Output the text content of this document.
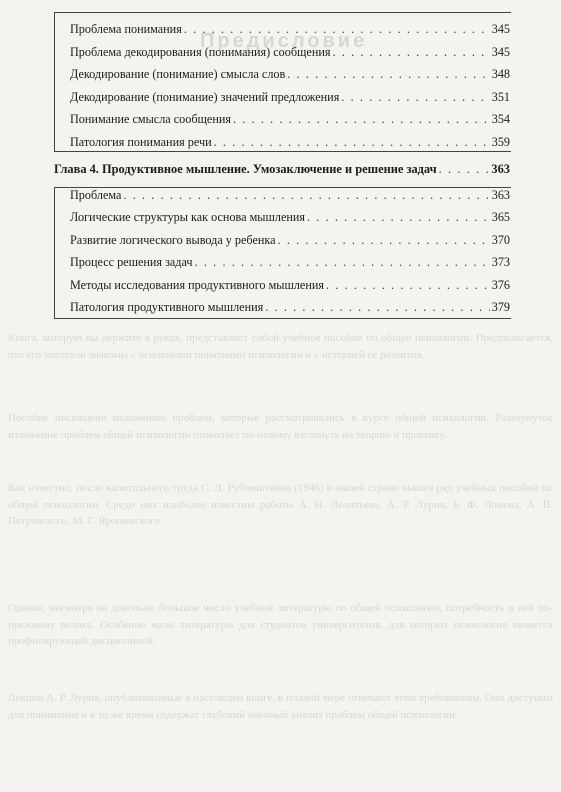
Предисловие
Книга, которую вы держите в руках, представляет собой учебное пособие по общей психологии. Предполагается, что его читатели знакомы с основными понятиями психологии и с историей ее развития.
Пособие посвящено изложению проблем, которые рассматривались в курсе общей психологии. Развернутое изложение проблем общей психологии позволяет по-новому взглянуть на теорию и практику.
Как известно, после капитального труда С. Л. Рубинштейна (1946) в нашей стране вышел ряд учебных пособий по общей психологии. Среди них наиболее известны работы А. Н. Леонтьева, А. Р. Лурия, Б. Ф. Ломова, А. В. Петровского, М. Г. Ярошевского.
Однако, несмотря на довольно большое число учебной литературы по общей психологии, потребность в ней по-прежнему велика. Особенно мало литературы для студентов университетов, для которых психология является профилирующей дисциплиной.
Лекции А. Р. Лурия, опубликованные в настоящей книге, в полной мере отвечают этим требованиям. Они доступны для понимания и в то же время содержат глубокий научный анализ проблем общей психологии.
Проблема понимания . . .	345
Проблема декодирования (понимания) сообщения . . .	345
Декодирование (понимание) смысла слов . . .	348
Декодирование (понимание) значений предложения . . .	351
Понимание смысла сообщения . . .	354
Патология понимания речи . . .	359
Глава 4. Продуктивное мышление. Умозаключение и решение задач . . .	363
Проблема . . .	363
Логические структуры как основа мышления . . .	365
Развитие логического вывода у ребенка . . .	370
Процесс решения задач . . .	373
Методы исследования продуктивного мышления . . .	376
Патология продуктивного мышления . . .	379
